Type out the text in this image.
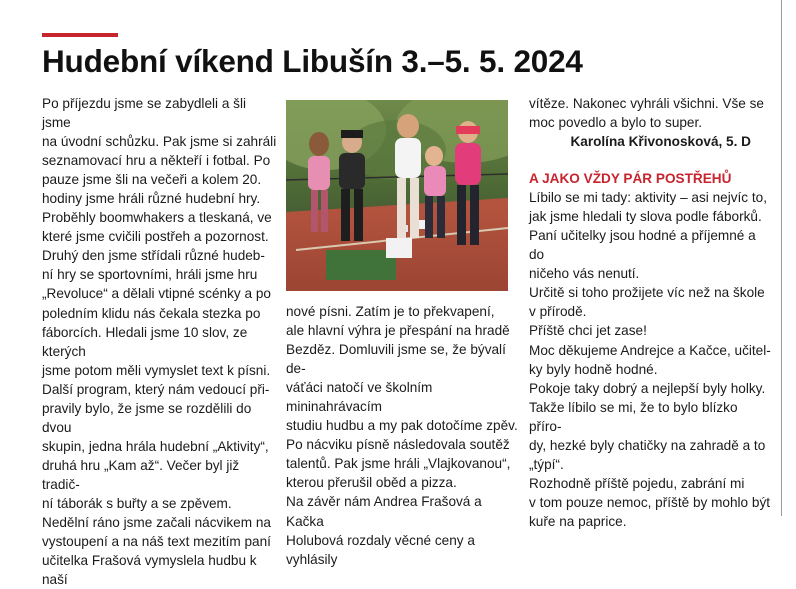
Hudební víkend Libušín 3.–5. 5. 2024

Po příjezdu jsme se zabydleli a šli jsme

na úvodní schůzku. Pak jsme si zahráli

seznamovací hru a někteří i fotbal. Po

pauze jsme šli na večeři a kolem 20.

hodiny jsme hráli různé hudební hry.

Proběhly boomwhakers a tleskaná, ve

které jsme cvičili postřeh a pozornost.

Druhý den jsme střídali různé hudeb-

ní hry se sportovními, hráli jsme hru

„Revoluce“ a dělali vtipné scénky a po

poledním klidu nás čekala stezka po

fáborcích. Hledali jsme 10 slov, ze kterých

jsme potom měli vymyslet text k písni.

Další program, který nám vedoucí při-

pravily bylo, že jsme se rozdělili do dvou

skupin, jedna hrála hudební „Aktivity“,

druhá hru „Kam až“. Večer byl již tradič-

ní táborák s buřty a se zpěvem.

Nedělní ráno jsme začali nácvikem na

vystoupení a na náš text mezitím paní

učitelka Frašová vymyslela hudbu k naší

nové písni. Zatím je to překvapení,

ale hlavní výhra je přespání na hradě

Bezděz. Domluvili jsme se, že bývalí de-

váťáci natočí ve školním mininahrávacím

studiu hudbu a my pak dotočíme zpěv.

Po nácviku písně následovala soutěž

talentů. Pak jsme hráli „Vlajkovanou“,

kterou přerušil oběd a pizza.

Na závěr nám Andrea Frašová a Kačka

Holubová rozdaly věcné ceny a vyhlásily

vítěze. Nakonec vyhráli všichni. Vše se

moc povedlo a bylo to super.

Karolína Křivonosková, 5. D

A JAKO VŽDY PÁR POSTŘEHŮ

Líbilo se mi tady: aktivity – asi nejvíc to,

jak jsme hledali ty slova podle fáborků.

Paní učitelky jsou hodné a příjemné a do

ničeho vás nenutí.

Určitě si toho prožijete víc než na škole

v přírodě.

Příště chci jet zase!

Moc děkujeme Andrejce a Kačce, učitel-

ky byly hodně hodné.

Pokoje taky dobrý a nejlepší byly holky.

Takže líbilo se mi, že to bylo blízko příro-

dy, hezké byly chatičky na zahradě a to

„týpí“.

Rozhodně příště pojedu, zabrání mi

v tom pouze nemoc, příště by mohlo být

kuře na paprice.
